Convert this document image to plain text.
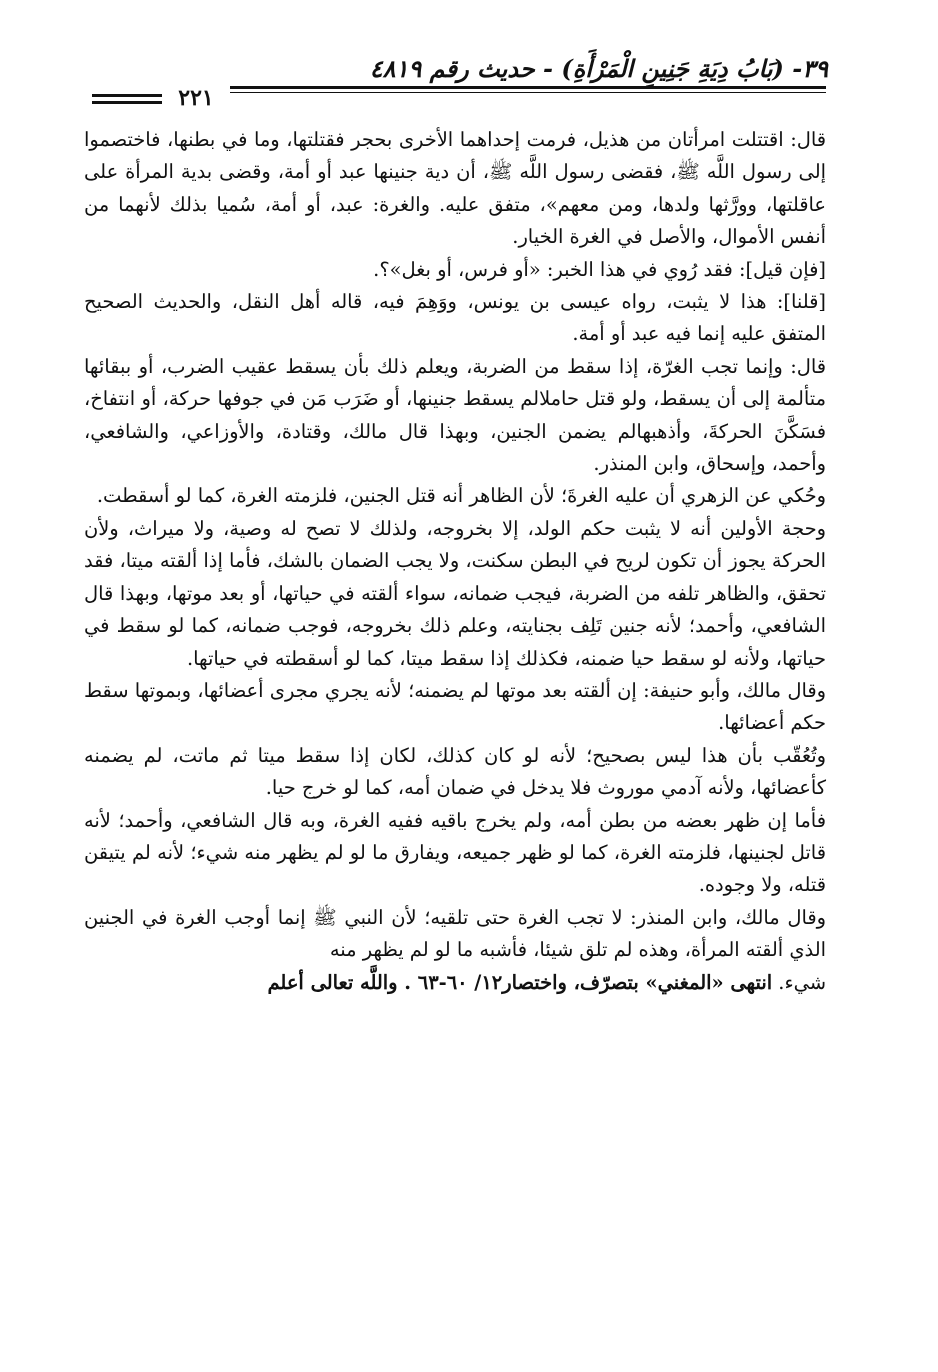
٣٩- (بَابُ دِيَةِ جَنِينِ الْمَرْأَةِ) - حديث رقم ٤٨١٩
٢٢١

قال: اقتتلت امرأتان من هذيل، فرمت إحداهما الأخرى بحجر فقتلتها، وما في بطنها، فاختصموا إلى رسول اللَّه ﷺ، فقضى رسول اللَّه ﷺ، أن دية جنينها عبد أو أمة، وقضى بدية المرأة على عاقلتها، وورَّثها ولدها، ومن معهم»، متفق عليه. والغرة: عبد، أو أمة، سُميا بذلك لأنهما من أنفس الأموال، والأصل في الغرة الخيار.

[فإن قيل]: فقد رُوي في هذا الخبر: «أو فرس، أو بغل»؟.

[قلنا]: هذا لا يثبت، رواه عيسى بن يونس، ووَهِمَ فيه، قاله أهل النقل، والحديث الصحيح المتفق عليه إنما فيه عبد أو أمة.

قال: وإنما تجب الغرّة، إذا سقط من الضربة، ويعلم ذلك بأن يسقط عقيب الضرب، أو ببقائها متألمة إلى أن يسقط، ولو قتل حاملالم يسقط جنينها، أو ضَرَب مَن في جوفها حركة، أو انتفاخ، فسَكَّنَ الحركةَ، وأذهبهالم يضمن الجنين، وبهذا قال مالك، وقتادة، والأوزاعي، والشافعي، وأحمد، وإسحاق، وابن المنذر.

وحُكي عن الزهري أن عليه الغرةَ؛ لأن الظاهر أنه قتل الجنين، فلزمته الغرة، كما لو أسقطت.

وحجة الأولين أنه لا يثبت حكم الولد، إلا بخروجه، ولذلك لا تصح له وصية، ولا ميراث، ولأن الحركة يجوز أن تكون لريح في البطن سكنت، ولا يجب الضمان بالشك، فأما إذا ألقته ميتا، فقد تحقق، والظاهر تلفه من الضربة، فيجب ضمانه، سواء ألقته في حياتها، أو بعد موتها، وبهذا قال الشافعي، وأحمد؛ لأنه جنين تَلِف بجنايته، وعلم ذلك بخروجه، فوجب ضمانه، كما لو سقط في حياتها، ولأنه لو سقط حيا ضمنه، فكذلك إذا سقط ميتا، كما لو أسقطته في حياتها.

وقال مالك، وأبو حنيفة: إن ألقته بعد موتها لم يضمنه؛ لأنه يجري مجرى أعضائها، وبموتها سقط حكم أعضائها.

وتُعُقّب بأن هذا ليس بصحيح؛ لأنه لو كان كذلك، لكان إذا سقط ميتا ثم ماتت، لم يضمنه كأعضائها، ولأنه آدمي موروث فلا يدخل في ضمان أمه، كما لو خرج حيا.

فأما إن ظهر بعضه من بطن أمه، ولم يخرج باقيه ففيه الغرة، وبه قال الشافعي، وأحمد؛ لأنه قاتل لجنينها، فلزمته الغرة، كما لو ظهر جميعه، ويفارق ما لو لم يظهر منه شيء؛ لأنه لم يتيقن قتله، ولا وجوده.

وقال مالك، وابن المنذر: لا تجب الغرة حتى تلقيه؛ لأن النبي ﷺ إنما أوجب الغرة في الجنين الذي ألقته المرأة، وهذه لم تلق شيئا، فأشبه ما لو لم يظهر منه

شيء. انتهى «المغني» بتصرّف، واختصار١٢/ ٦٠-٦٣ . واللَّه تعالى أعلم
